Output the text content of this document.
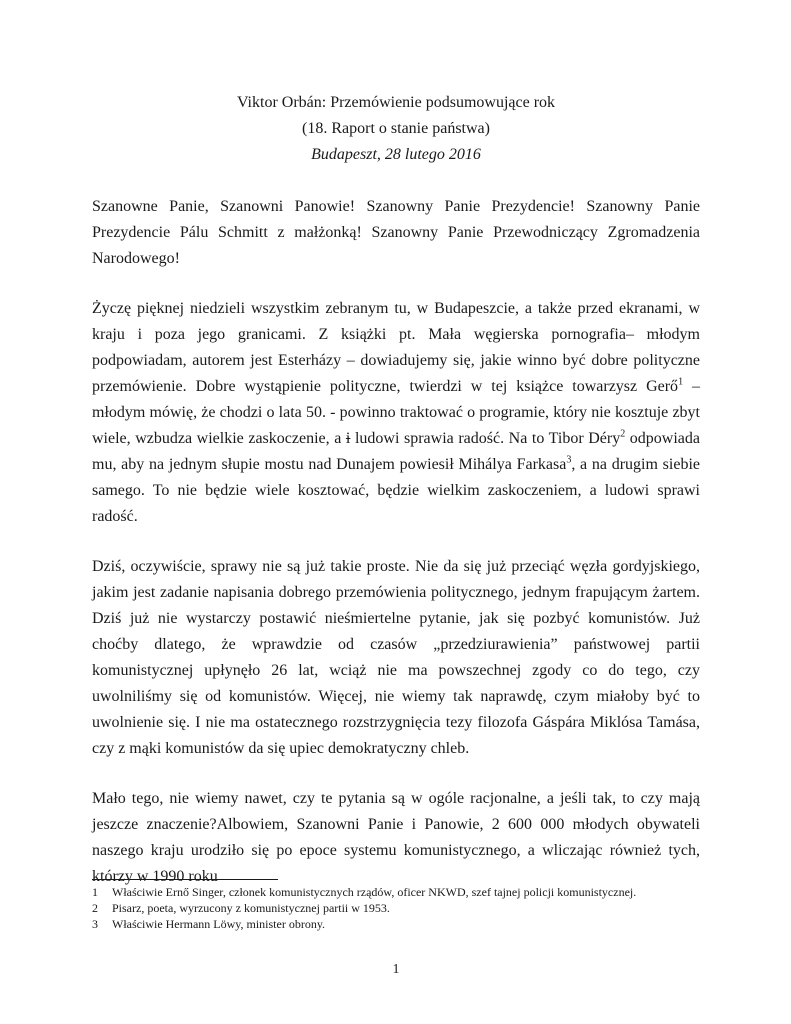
Viktor Orbán: Przemówienie podsumowujące rok
(18. Raport o stanie państwa)
Budapeszt, 28 lutego 2016

Szanowne Panie, Szanowni Panowie! Szanowny Panie Prezydencie! Szanowny Panie Prezydencie Pálu Schmitt z małżonką! Szanowny Panie Przewodniczący Zgromadzenia Narodowego!

Życzę pięknej niedzieli wszystkim zebranym tu, w Budapeszcie, a także przed ekranami, w kraju i poza jego granicami. Z książki pt. Mała węgierska pornografia– młodym podpowiadam, autorem jest Esterházy – dowiadujemy się, jakie winno być dobre polityczne przemówienie. Dobre wystąpienie polityczne, twierdzi w tej książce towarzysz Gerő$^1$ – młodym mówię, że chodzi o lata 50. - powinno traktować o programie, który nie kosztuje zbyt wiele, wzbudza wielkie zaskoczenie, a i ludowi sprawia radość. Na to Tibor Déry$^2$ odpowiada mu, aby na jednym słupie mostu nad Dunajem powiesił Mihálya Farkasa$^3$, a na drugim siebie samego. To nie będzie wiele kosztować, będzie wielkim zaskoczeniem, a ludowi sprawi radość.

Dziś, oczywiście, sprawy nie są już takie proste. Nie da się już przeciąć węzła gordyjskiego, jakim jest zadanie napisania dobrego przemówienia politycznego, jednym frapującym żartem. Dziś już nie wystarczy postawić nieśmiertelne pytanie, jak się pozbyć komunistów. Już choćby dlatego, że wprawdzie od czasów „przedziurawienia” państwowej partii komunistycznej upłynęło 26 lat, wciąż nie ma powszechnej zgody co do tego, czy uwolniliśmy się od komunistów. Więcej, nie wiemy tak naprawdę, czym miałoby być to uwolnienie się. I nie ma ostatecznego rozstrzygnięcia tezy filozofa Gáspára Miklósa Tamása, czy z mąki komunistów da się upiec demokratyczny chleb.

Mało tego, nie wiemy nawet, czy te pytania są w ogóle racjonalne, a jeśli tak, to czy mają jeszcze znaczenie?Albowiem, Szanowni Panie i Panowie, 2 600 000 młodych obywateli naszego kraju urodziło się po epoce systemu komunistycznego, a wliczając również tych, którzy w 1990 roku

1	Właściwie Ernő Singer, członek komunistycznych rządów, oficer NKWD, szef tajnej policji komunistycznej.
2	Pisarz, poeta, wyrzucony z komunistycznej partii w 1953.
3	Właściwie Hermann Löwy, minister obrony.
1
